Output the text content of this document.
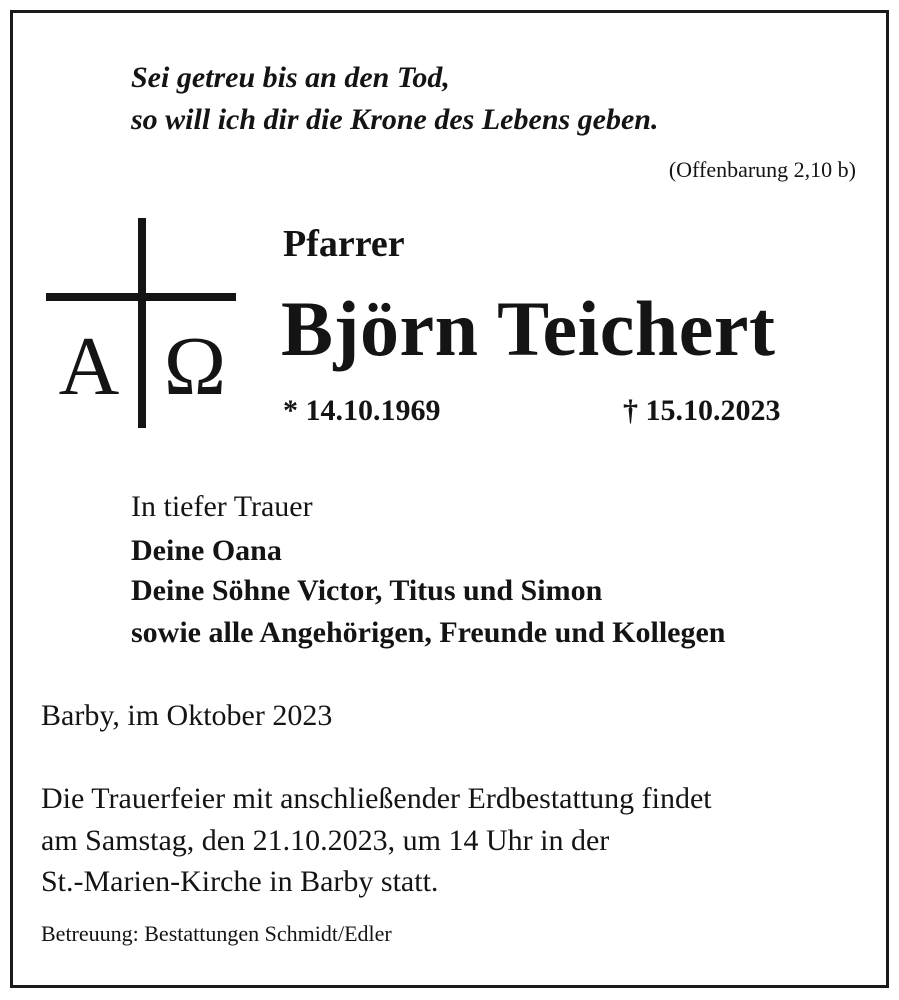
Sei getreu bis an den Tod,
so will ich dir die Krone des Lebens geben.
(Offenbarung 2,10 b)
Α Ω
Pfarrer
Björn Teichert
* 14.10.1969	† 15.10.2023
In tiefer Trauer
Deine Oana
Deine Söhne Victor, Titus und Simon
sowie alle Angehörigen, Freunde und Kollegen
Barby, im Oktober 2023
Die Trauerfeier mit anschließender Erdbestattung findet
am Samstag, den 21.10.2023, um 14 Uhr in der
St.-Marien-Kirche in Barby statt.
Betreuung: Bestattungen Schmidt/Edler
